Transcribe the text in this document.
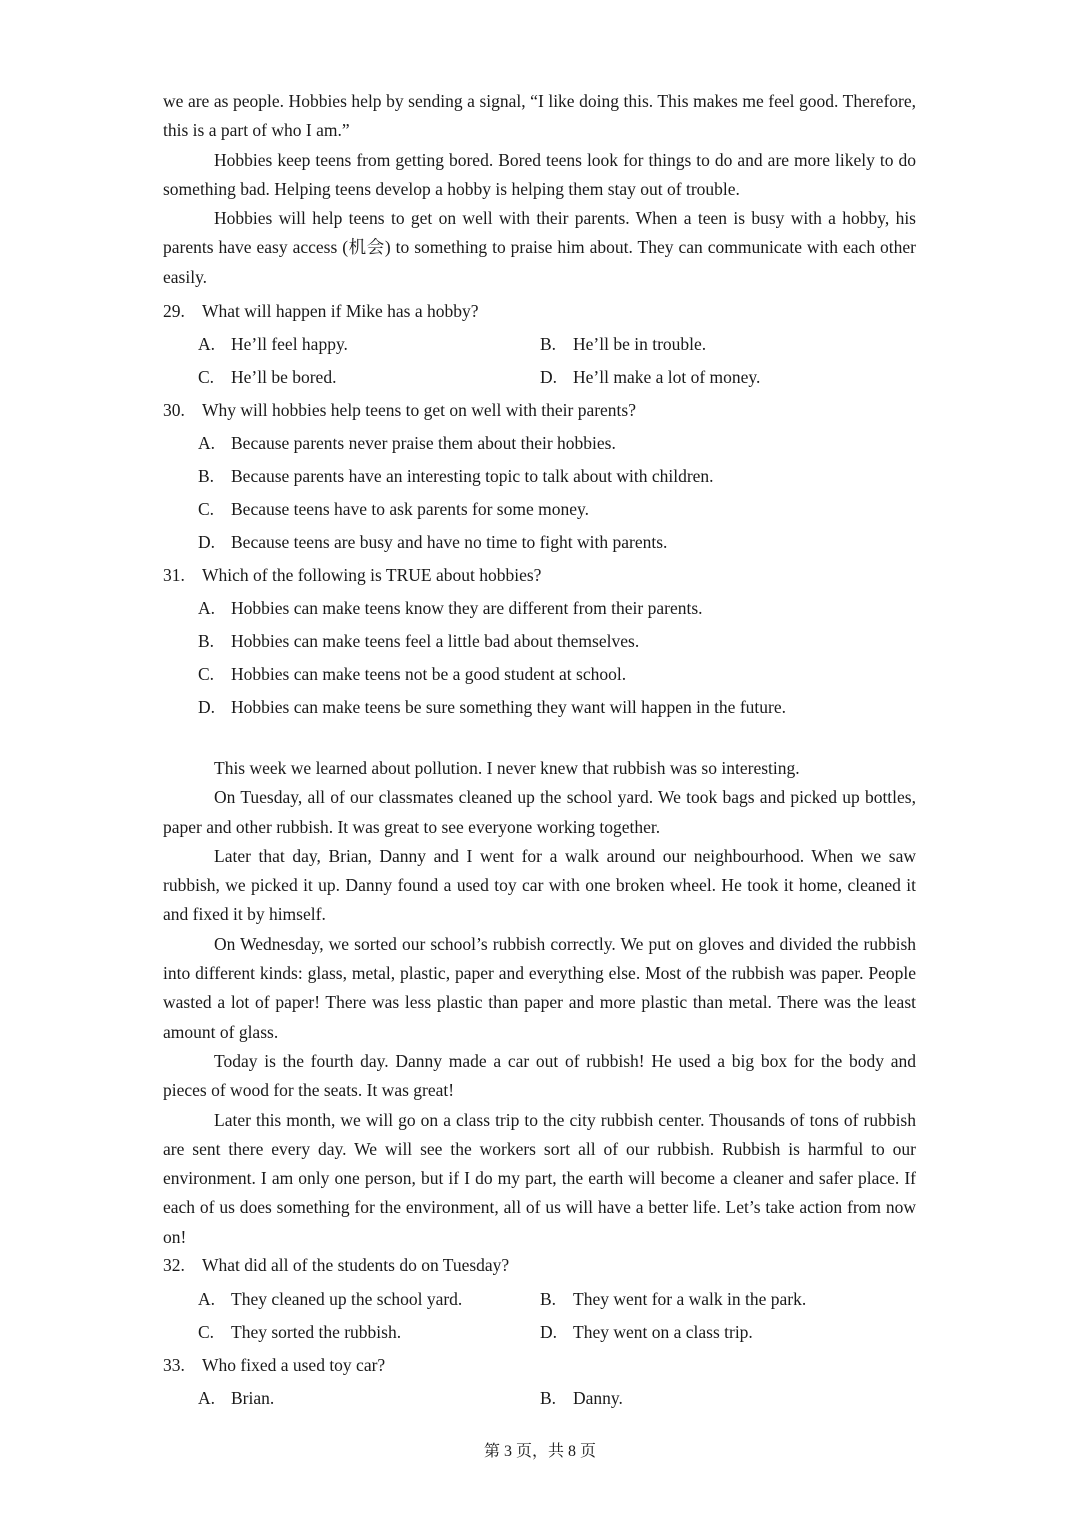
we are as people. Hobbies help by sending a signal, “I like doing this. This makes me feel good. Therefore, this is a part of who I am.”

Hobbies keep teens from getting bored. Bored teens look for things to do and are more likely to do something bad. Helping teens develop a hobby is helping them stay out of trouble.

Hobbies will help teens to get on well with their parents. When a teen is busy with a hobby, his parents have easy access (机会) to something to praise him about. They can communicate with each other easily.

29. What will happen if Mike has a hobby?
A. He’ll feel happy.	B. He’ll be in trouble.
C. He’ll be bored.	D. He’ll make a lot of money.
30. Why will hobbies help teens to get on well with their parents?
A. Because parents never praise them about their hobbies.
B. Because parents have an interesting topic to talk about with children.
C. Because teens have to ask parents for some money.
D. Because teens are busy and have no time to fight with parents.
31. Which of the following is TRUE about hobbies?
A. Hobbies can make teens know they are different from their parents.
B. Hobbies can make teens feel a little bad about themselves.
C. Hobbies can make teens not be a good student at school.
D. Hobbies can make teens be sure something they want will happen in the future.

This week we learned about pollution. I never knew that rubbish was so interesting.

On Tuesday, all of our classmates cleaned up the school yard. We took bags and picked up bottles, paper and other rubbish. It was great to see everyone working together.

Later that day, Brian, Danny and I went for a walk around our neighbourhood. When we saw rubbish, we picked it up. Danny found a used toy car with one broken wheel. He took it home, cleaned it and fixed it by himself.

On Wednesday, we sorted our school’s rubbish correctly. We put on gloves and divided the rubbish into different kinds: glass, metal, plastic, paper and everything else. Most of the rubbish was paper. People wasted a lot of paper! There was less plastic than paper and more plastic than metal. There was the least amount of glass.

Today is the fourth day. Danny made a car out of rubbish! He used a big box for the body and pieces of wood for the seats. It was great!

Later this month, we will go on a class trip to the city rubbish center. Thousands of tons of rubbish are sent there every day. We will see the workers sort all of our rubbish. Rubbish is harmful to our environment. I am only one person, but if I do my part, the earth will become a cleaner and safer place. If each of us does something for the environment, all of us will have a better life. Let’s take action from now on!

32. What did all of the students do on Tuesday?
A. They cleaned up the school yard.	B. They went for a walk in the park.
C. They sorted the rubbish.	D. They went on a class trip.
33. Who fixed a used toy car?
A. Brian.	B. Danny.
第 3 页，共 8 页
